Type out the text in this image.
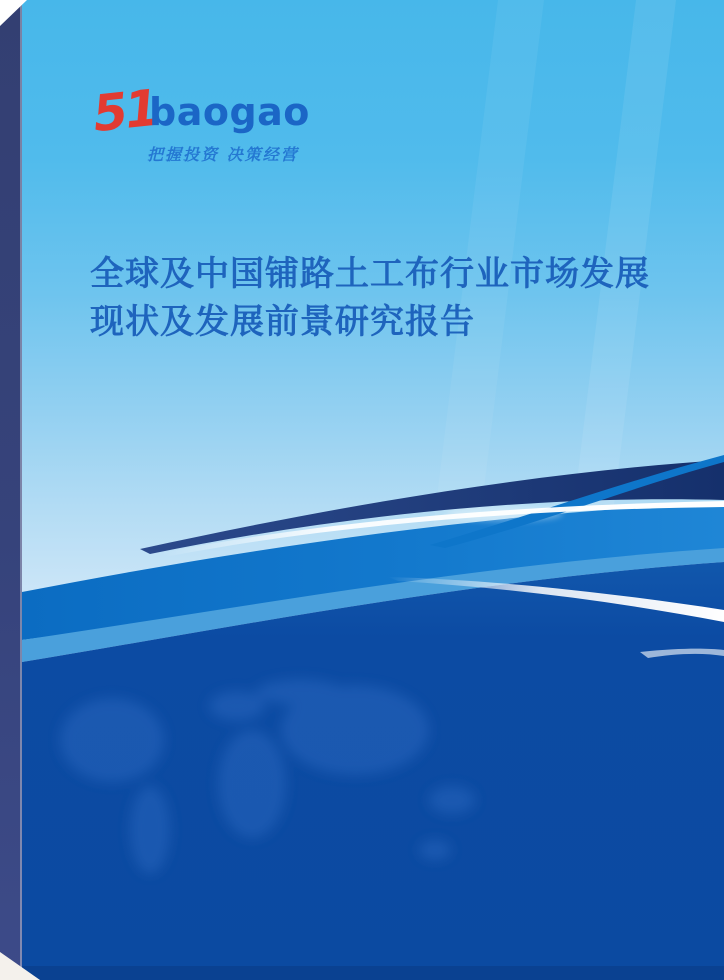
51
baogao
把握投资 决策经营
全球及中国铺路土工布行业市场发展
现状及发展前景研究报告
